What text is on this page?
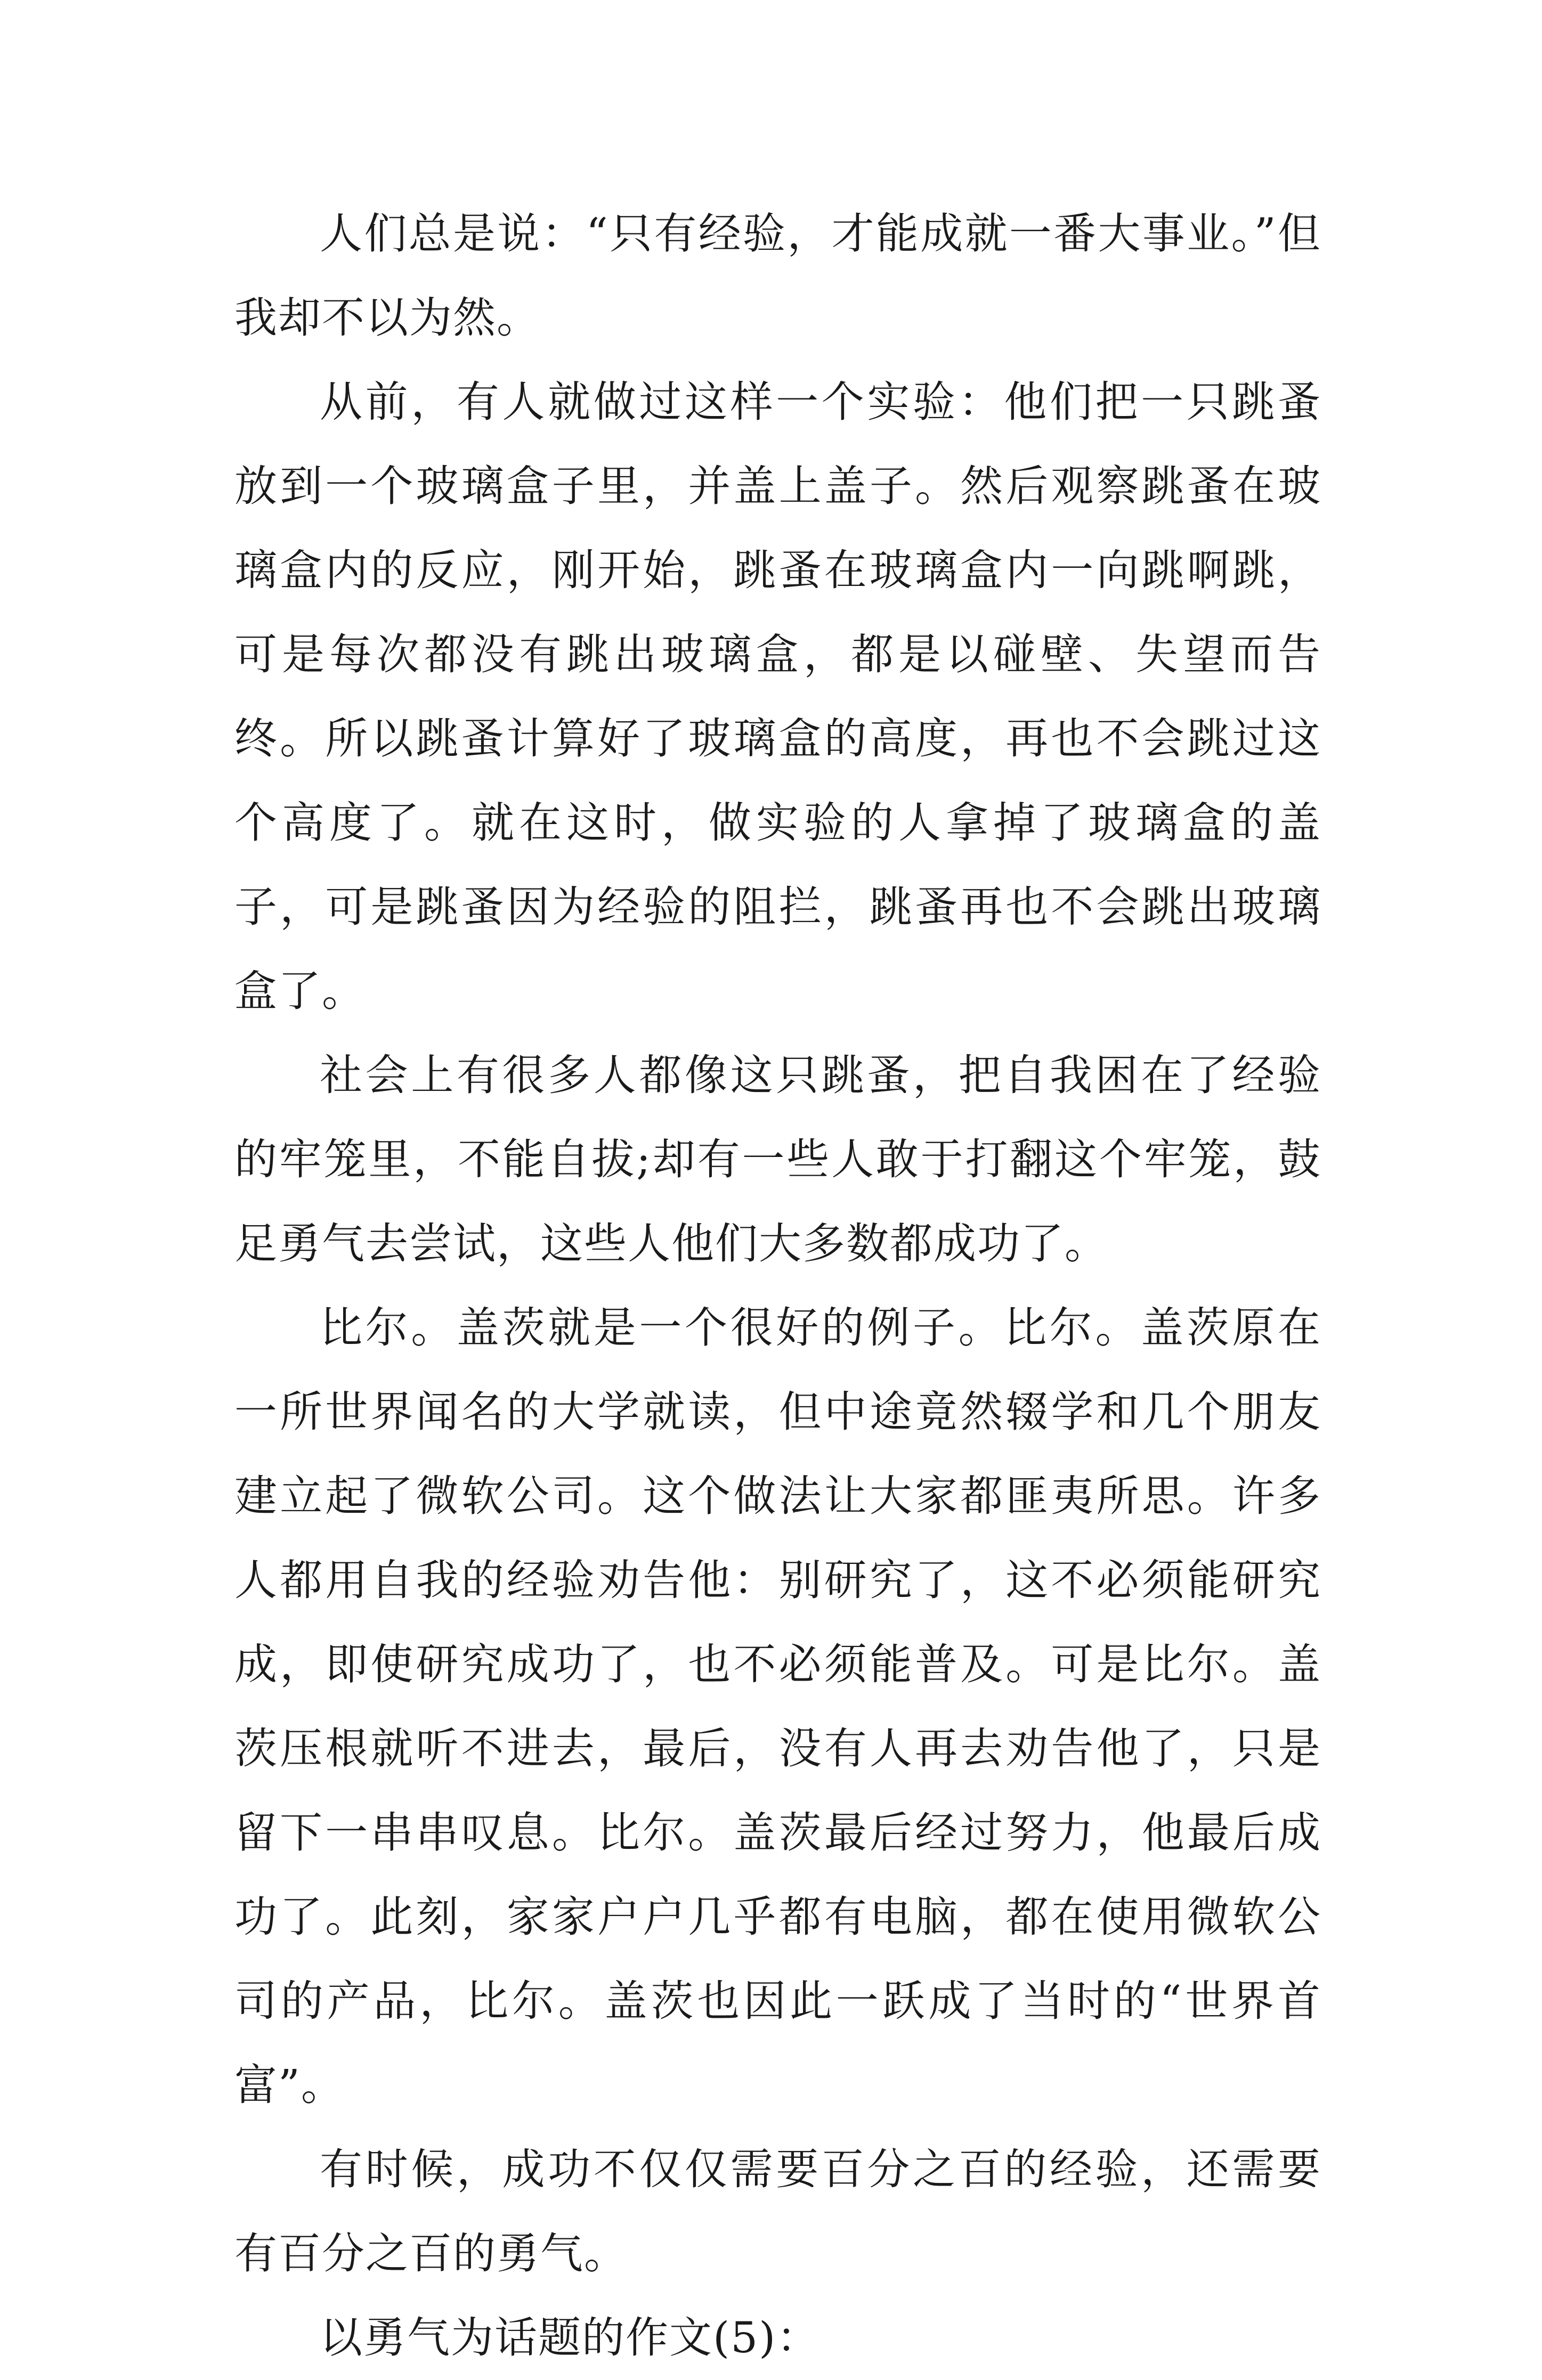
人们总是说：“只有经验，才能成就一番大事业。”但我却不以为然。

从前，有人就做过这样一个实验：他们把一只跳蚤放到一个玻璃盒子里，并盖上盖子。然后观察跳蚤在玻璃盒内的反应，刚开始，跳蚤在玻璃盒内一向跳啊跳，可是每次都没有跳出玻璃盒，都是以碰壁、失望而告终。所以跳蚤计算好了玻璃盒的高度，再也不会跳过这个高度了。就在这时，做实验的人拿掉了玻璃盒的盖子，可是跳蚤因为经验的阻拦，跳蚤再也不会跳出玻璃盒了。

社会上有很多人都像这只跳蚤，把自我困在了经验的牢笼里，不能自拔;却有一些人敢于打翻这个牢笼，鼓足勇气去尝试，这些人他们大多数都成功了。

比尔。盖茨就是一个很好的例子。比尔。盖茨原在一所世界闻名的大学就读，但中途竟然辍学和几个朋友建立起了微软公司。这个做法让大家都匪夷所思。许多人都用自我的经验劝告他：别研究了，这不必须能研究成，即使研究成功了，也不必须能普及。可是比尔。盖茨压根就听不进去，最后，没有人再去劝告他了，只是留下一串串叹息。比尔。盖茨最后经过努力，他最后成功了。此刻，家家户户几乎都有电脑，都在使用微软公司的产品，比尔。盖茨也因此一跃成了当时的“世界首富”。

有时候，成功不仅仅需要百分之百的经验，还需要有百分之百的勇气。

以勇气为话题的作文(5)：
